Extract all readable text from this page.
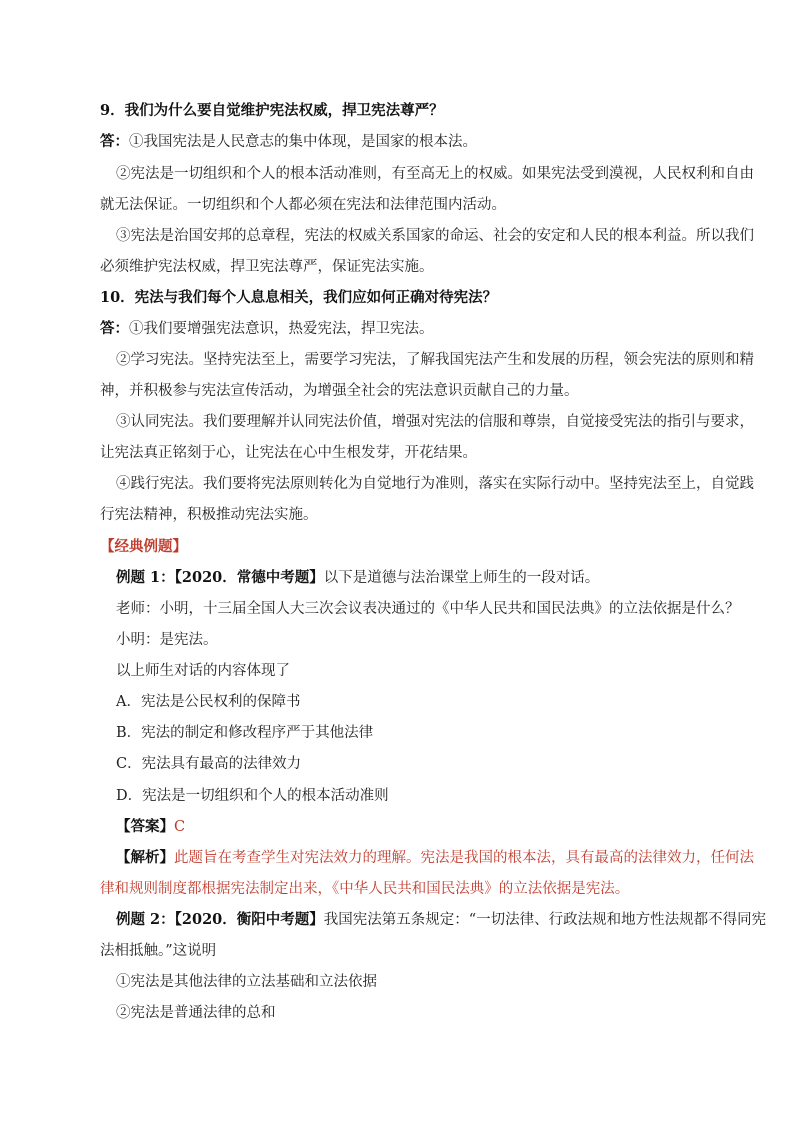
9．我们为什么要自觉维护宪法权威，捍卫宪法尊严？
答：①我国宪法是人民意志的集中体现，是国家的根本法。
②宪法是一切组织和个人的根本活动准则，有至高无上的权威。如果宪法受到漠视，人民权利和自由
就无法保证。一切组织和个人都必须在宪法和法律范围内活动。
③宪法是治国安邦的总章程，宪法的权威关系国家的命运、社会的安定和人民的根本利益。所以我们
必须维护宪法权威，捍卫宪法尊严，保证宪法实施。
10．宪法与我们每个人息息相关，我们应如何正确对待宪法？
答：①我们要增强宪法意识，热爱宪法，捍卫宪法。
②学习宪法。坚持宪法至上，需要学习宪法，了解我国宪法产生和发展的历程，领会宪法的原则和精
神，并积极参与宪法宣传活动，为增强全社会的宪法意识贡献自己的力量。
③认同宪法。我们要理解并认同宪法价值，增强对宪法的信服和尊崇，自觉接受宪法的指引与要求，
让宪法真正铭刻于心，让宪法在心中生根发芽，开花结果。
④践行宪法。我们要将宪法原则转化为自觉地行为准则，落实在实际行动中。坚持宪法至上，自觉践
行宪法精神，积极推动宪法实施。
【经典例题】
例题 1：【2020．常德中考题】以下是道德与法治课堂上师生的一段对话。
老师：小明，十三届全国人大三次会议表决通过的《中华人民共和国民法典》的立法依据是什么？
小明：是宪法。
以上师生对话的内容体现了
A．宪法是公民权利的保障书
B．宪法的制定和修改程序严于其他法律
C．宪法具有最高的法律效力
D．宪法是一切组织和个人的根本活动准则
【答案】C
【解析】此题旨在考查学生对宪法效力的理解。宪法是我国的根本法，具有最高的法律效力，任何法
律和规则制度都根据宪法制定出来，《中华人民共和国民法典》的立法依据是宪法。
例题 2：【2020．衡阳中考题】我国宪法第五条规定：“一切法律、行政法规和地方性法规都不得同宪
法相抵触。”这说明
①宪法是其他法律的立法基础和立法依据
②宪法是普通法律的总和
